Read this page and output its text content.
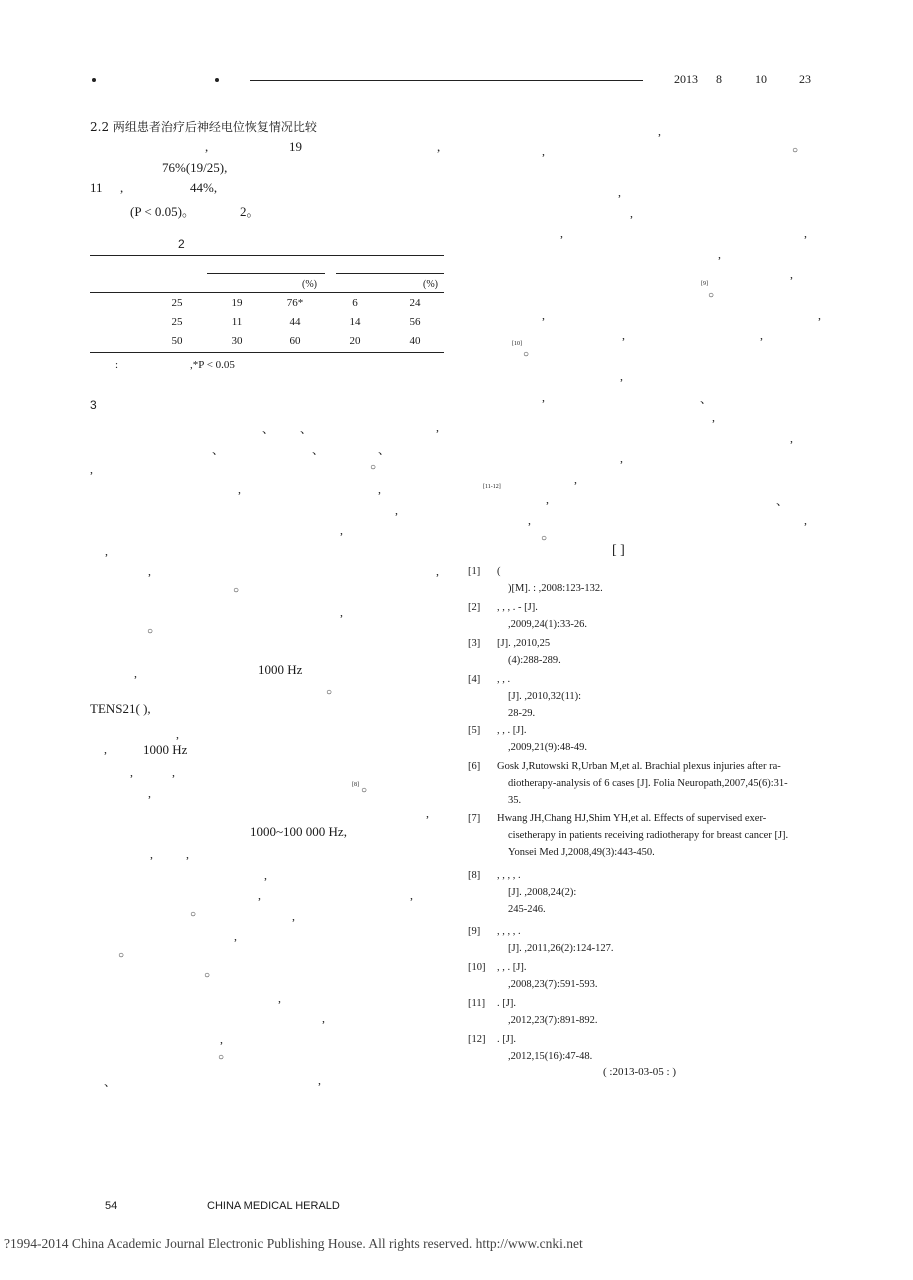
2013 8	10	23
2.2 两组患者治疗后神经电位恢复情况比较
,	19	,
76%(19/25),
11 ,	44%,
(P < 0.05)。	2。
2
(%)	(%)
25	19	76*	6	24
25	11	44	14	56
50	30	60	20	40
:	,*P < 0.05
3
、 、	,
、	、	、
,	○
,	,
,
,
,
,	,
○
,
○
,
○
,
,
,	,
,
,
,	,
,
,	,
○	,
,
○
○
,
,
,
○
、	,
1000 Hz
TENS21( ),
1000 Hz
[8] ○
1000~100 000 Hz,
,
,	○
,
,
,	,
,
,
○
,	,
,	,
○
,
,	、
,
,
,
,
,	、
,	,
○
[9]
[10]
[11-12]
[ ]
[1] (
)[M]. : ,2008:123-132.
[2] , , , . - [J].
,2009,24(1):33-26.
[3] [J]. ,2010,25
(4):288-289.
[4] , , .
[J]. ,2010,32(11):
28-29.
[5] , , . [J].
,2009,21(9):48-49.
[6] Gosk J,Rutowski R,Urban M,et al. Brachial plexus injuries after ra-
diotherapy-analysis of 6 cases [J]. Folia Neuropath,2007,45(6):31-
35.
[7] Hwang JH,Chang HJ,Shim YH,et al. Effects of supervised exer-
cisetherapy in patients receiving radiotherapy for breast cancer [J].
Yonsei Med J,2008,49(3):443-450.
[8] , , , , .
[J]. ,2008,24(2):
245-246.
[9] , , , , .
[J]. ,2011,26(2):124-127.
[10] , , . [J].
,2008,23(7):591-593.
[11] . [J].
,2012,23(7):891-892.
[12] . [J].
,2012,15(16):47-48.
( :2013-03-05 : )
54	CHINA MEDICAL HERALD
?1994-2014 China Academic Journal Electronic Publishing House. All rights reserved. http://www.cnki.net
